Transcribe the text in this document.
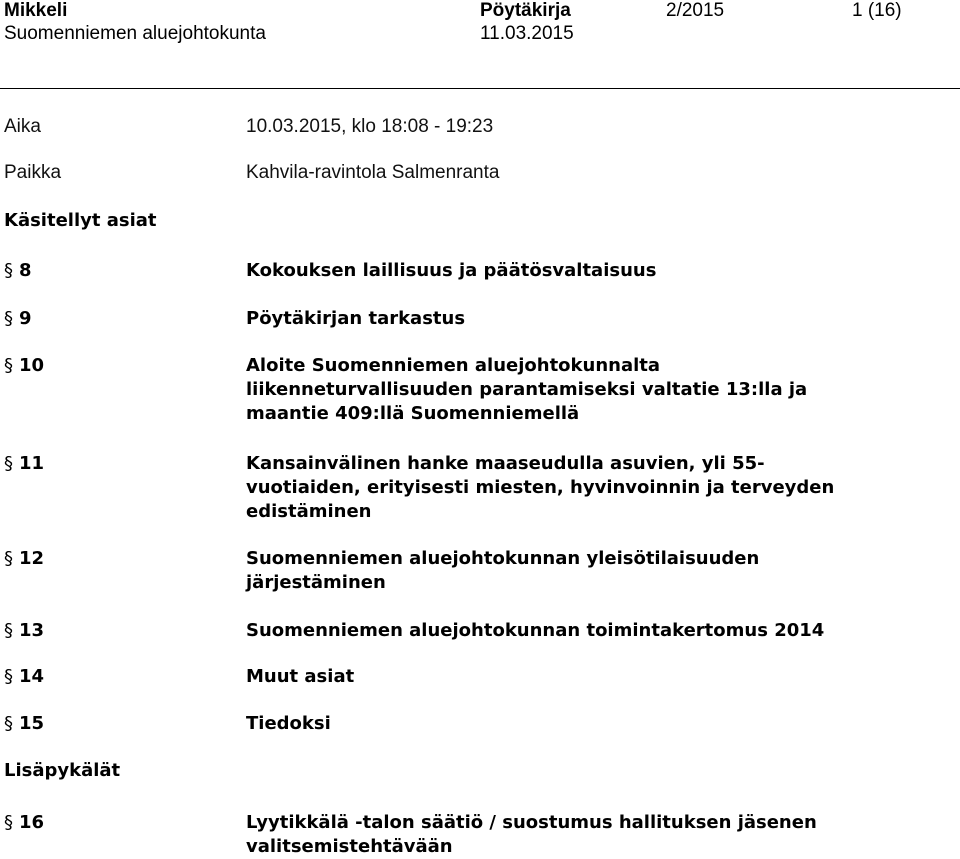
Mikkeli
Suomenniemen aluejohtokunta
Pöytäkirja
11.03.2015
2/2015	1 (16)
Aika	10.03.2015, klo 18:08 - 19:23
Paikka	Kahvila-ravintola Salmenranta
Käsitellyt asiat
§ 8	Kokouksen laillisuus ja päätösvaltaisuus
§ 9	Pöytäkirjan tarkastus
§ 10	Aloite Suomenniemen aluejohtokunnalta liikenneturvallisuuden parantamiseksi valtatie 13:lla ja maantie 409:llä Suomenniemellä
§ 11	Kansainvälinen hanke maaseudulla asuvien, yli 55-vuotiaiden, erityisesti miesten, hyvinvoinnin ja terveyden edistäminen
§ 12	Suomenniemen aluejohtokunnan yleisötilaisuuden järjestäminen
§ 13	Suomenniemen aluejohtokunnan toimintakertomus 2014
§ 14	Muut asiat
§ 15	Tiedoksi
Lisäpykälät
§ 16	Lyytikkälä -talon säätiö / suostumus hallituksen jäsenen valitsemistehtävään
